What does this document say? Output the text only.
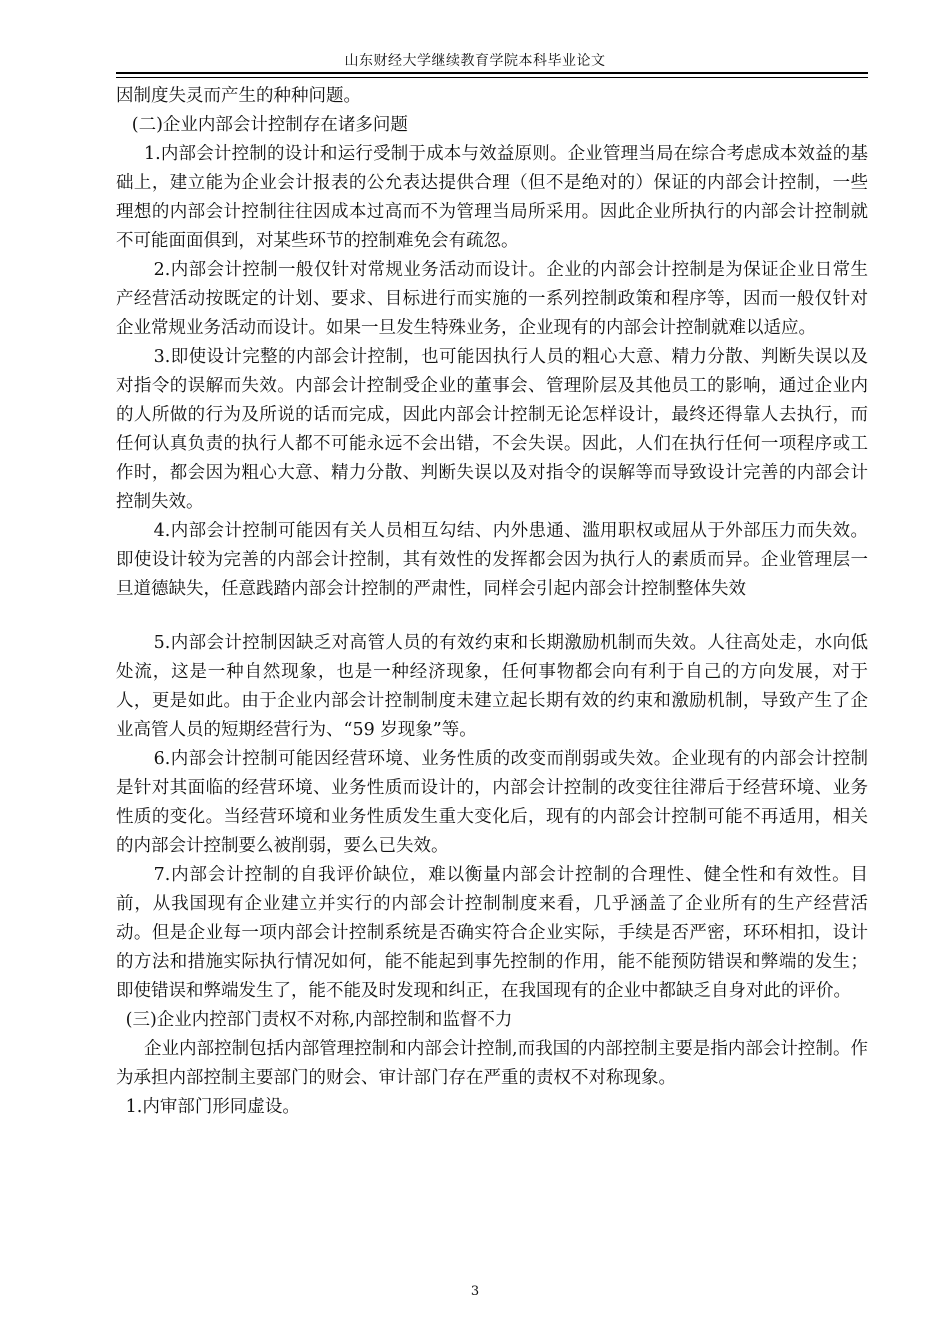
山东财经大学继续教育学院本科毕业论文

因制度失灵而产生的种种问题。

(二)企业内部会计控制存在诸多问题

1.内部会计控制的设计和运行受制于成本与效益原则。企业管理当局在综合考虑成本效益的基础上，建立能为企业会计报表的公允表达提供合理（但不是绝对的）保证的内部会计控制，一些理想的内部会计控制往往因成本过高而不为管理当局所采用。因此企业所执行的内部会计控制就不可能面面俱到，对某些环节的控制难免会有疏忽。

2.内部会计控制一般仅针对常规业务活动而设计。企业的内部会计控制是为保证企业日常生产经营活动按既定的计划、要求、目标进行而实施的一系列控制政策和程序等，因而一般仅针对企业常规业务活动而设计。如果一旦发生特殊业务，企业现有的内部会计控制就难以适应。

3.即使设计完整的内部会计控制，也可能因执行人员的粗心大意、精力分散、判断失误以及对指令的误解而失效。内部会计控制受企业的董事会、管理阶层及其他员工的影响，通过企业内的人所做的行为及所说的话而完成，因此内部会计控制无论怎样设计，最终还得靠人去执行，而任何认真负责的执行人都不可能永远不会出错，不会失误。因此，人们在执行任何一项程序或工作时，都会因为粗心大意、精力分散、判断失误以及对指令的误解等而导致设计完善的内部会计控制失效。

4.内部会计控制可能因有关人员相互勾结、内外患通、滥用职权或屈从于外部压力而失效。即使设计较为完善的内部会计控制，其有效性的发挥都会因为执行人的素质而异。企业管理层一旦道德缺失，任意践踏内部会计控制的严肃性，同样会引起内部会计控制整体失效

5.内部会计控制因缺乏对高管人员的有效约束和长期激励机制而失效。人往高处走，水向低处流，这是一种自然现象，也是一种经济现象，任何事物都会向有利于自己的方向发展，对于人，更是如此。由于企业内部会计控制制度未建立起长期有效的约束和激励机制，导致产生了企业高管人员的短期经营行为、“59 岁现象”等。

6.内部会计控制可能因经营环境、业务性质的改变而削弱或失效。企业现有的内部会计控制是针对其面临的经营环境、业务性质而设计的，内部会计控制的改变往往滞后于经营环境、业务性质的变化。当经营环境和业务性质发生重大变化后，现有的内部会计控制可能不再适用，相关的内部会计控制要么被削弱，要么已失效。

7.内部会计控制的自我评价缺位，难以衡量内部会计控制的合理性、健全性和有效性。目前，从我国现有企业建立并实行的内部会计控制制度来看，几乎涵盖了企业所有的生产经营活动。但是企业每一项内部会计控制系统是否确实符合企业实际，手续是否严密，环环相扣，设计的方法和措施实际执行情况如何，能不能起到事先控制的作用，能不能预防错误和弊端的发生；即使错误和弊端发生了，能不能及时发现和纠正，在我国现有的企业中都缺乏自身对此的评价。

(三)企业内控部门责权不对称,内部控制和监督不力

企业内部控制包括内部管理控制和内部会计控制,而我国的内部控制主要是指内部会计控制。作为承担内部控制主要部门的财会、审计部门存在严重的责权不对称现象。

1.内审部门形同虚设。

3
